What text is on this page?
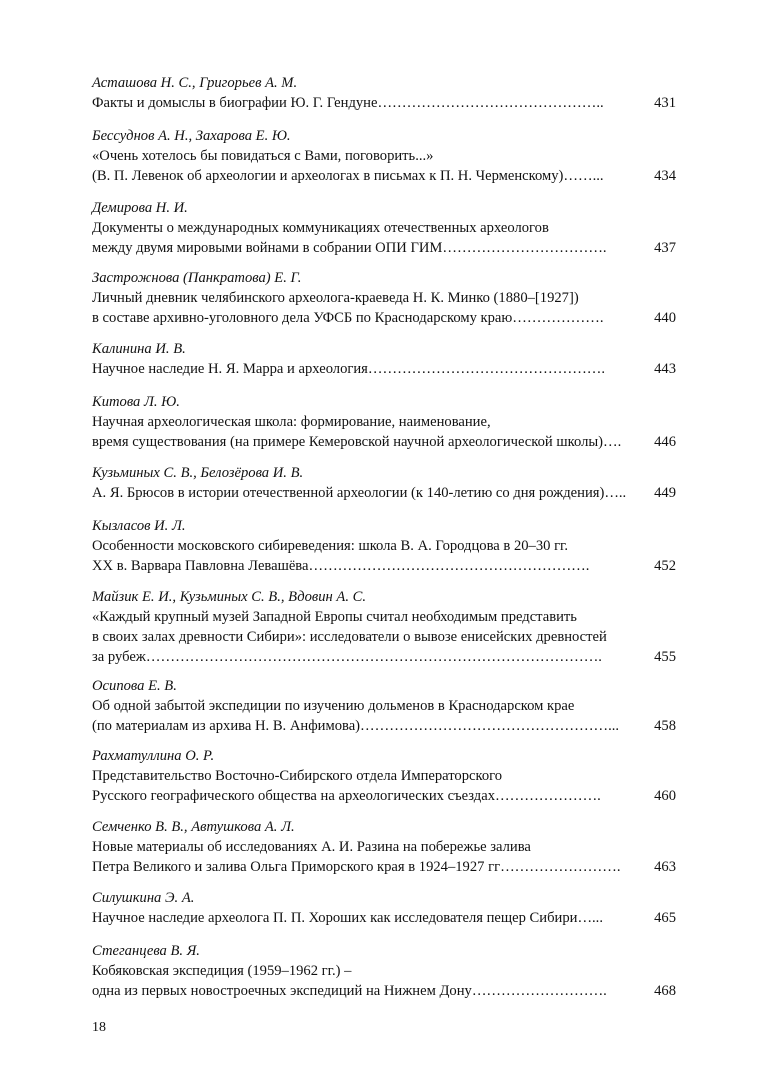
Асташова Н. С., Григорьев А. М.
Факты и домыслы в биографии Ю. Г. Гендуне………………………………………..	431
Бессуднов А. Н., Захарова Е. Ю.
«Очень хотелось бы повидаться с Вами, поговорить...»
(В. П. Левенок об археологии и археологах в письмах к П. Н. Черменскому)……...	434
Демирова Н. И.
Документы о международных коммуникациях отечественных археологов
между двумя мировыми войнами в собрании ОПИ ГИМ…………………………….	437
Застрожнова (Панкратова) Е. Г.
Личный дневник челябинского археолога-краеведа Н. К. Минко (1880–[1927])
в составе архивно-уголовного дела УФСБ по Краснодарскому краю……………….	440
Калинина И. В.
Научное наследие Н. Я. Марра и археология………………………………………….	443
Китова Л. Ю.
Научная археологическая школа: формирование, наименование,
время существования (на примере Кемеровской научной археологической школы)….	446
Кузьминых С. В., Белозёрова И. В.
А. Я. Брюсов в истории отечественной археологии (к 140-летию со дня рождения)…..	449
Кызласов И. Л.
Особенности московского сибиреведения: школа В. А. Городцова в 20–30 гг.
XX в. Варвара Павловна Левашёва………………………………………………….	452
Майзик Е. И., Кузьминых С. В., Вдовин А. С.
«Каждый крупный музей Западной Европы считал необходимым представить
в своих залах древности Сибири»: исследователи о вывозе енисейских древностей
за рубеж………………………………………………………………………………….	455
Осипова Е. В.
Об одной забытой экспедиции по изучению дольменов в Краснодарском крае
(по материалам из архива Н. В. Анфимова)……………………………………………...	458
Рахматуллина О. Р.
Представительство Восточно-Сибирского отдела Императорского
Русского географического общества на археологических съездах………………….	460
Семченко В. В., Автушкова А. Л.
Новые материалы об исследованиях А. И. Разина на побережье залива
Петра Великого и залива Ольга Приморского края в 1924–1927 гг…………………….	463
Силушкина Э. А.
Научное наследие археолога П. П. Хороших как исследователя пещер Сибири…...	465
Стеганцева В. Я.
Кобяковская экспедиция (1959–1962 гг.) –
одна из первых новостроечных экспедиций на Нижнем Дону……………………….	468
18
